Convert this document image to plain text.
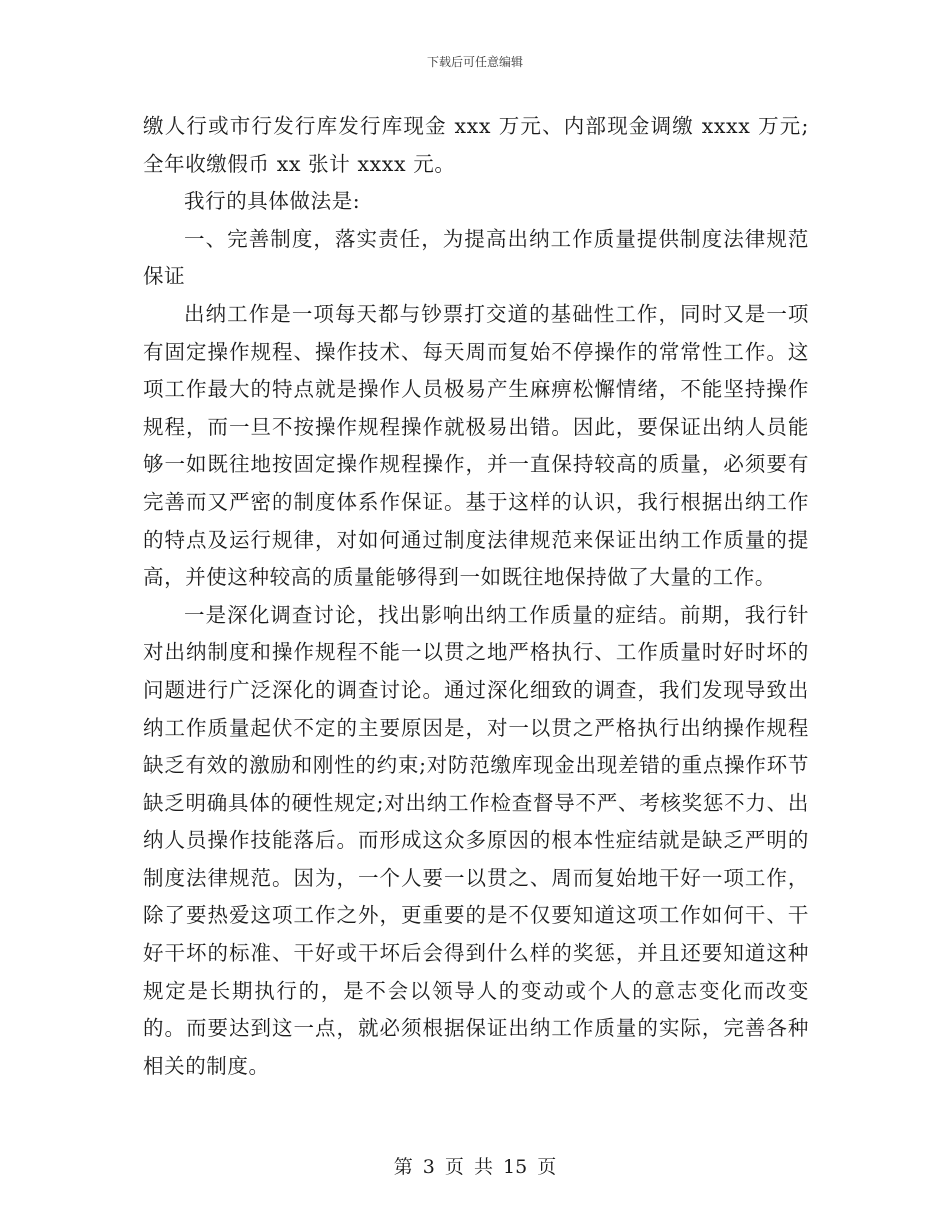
下载后可任意编辑

缴人行或市行发行库发行库现金 xxx 万元、内部现金调缴 xxxx 万元;全年收缴假币 xx 张计 xxxx 元。

我行的具体做法是:

一、完善制度，落实责任，为提高出纳工作质量提供制度法律规范保证

出纳工作是一项每天都与钞票打交道的基础性工作，同时又是一项有固定操作规程、操作技术、每天周而复始不停操作的常常性工作。这项工作最大的特点就是操作人员极易产生麻痹松懈情绪，不能坚持操作规程，而一旦不按操作规程操作就极易出错。因此，要保证出纳人员能够一如既往地按固定操作规程操作，并一直保持较高的质量，必须要有完善而又严密的制度体系作保证。基于这样的认识，我行根据出纳工作的特点及运行规律，对如何通过制度法律规范来保证出纳工作质量的提高，并使这种较高的质量能够得到一如既往地保持做了大量的工作。

一是深化调查讨论，找出影响出纳工作质量的症结。前期，我行针对出纳制度和操作规程不能一以贯之地严格执行、工作质量时好时坏的问题进行广泛深化的调查讨论。通过深化细致的调查，我们发现导致出纳工作质量起伏不定的主要原因是，对一以贯之严格执行出纳操作规程缺乏有效的激励和刚性的约束;对防范缴库现金出现差错的重点操作环节缺乏明确具体的硬性规定;对出纳工作检查督导不严、考核奖惩不力、出纳人员操作技能落后。而形成这众多原因的根本性症结就是缺乏严明的制度法律规范。因为，一个人要一以贯之、周而复始地干好一项工作，除了要热爱这项工作之外，更重要的是不仅要知道这项工作如何干、干好干坏的标准、干好或干坏后会得到什么样的奖惩，并且还要知道这种规定是长期执行的，是不会以领导人的变动或个人的意志变化而改变的。而要达到这一点，就必须根据保证出纳工作质量的实际，完善各种相关的制度。

第 3 页 共 15 页
